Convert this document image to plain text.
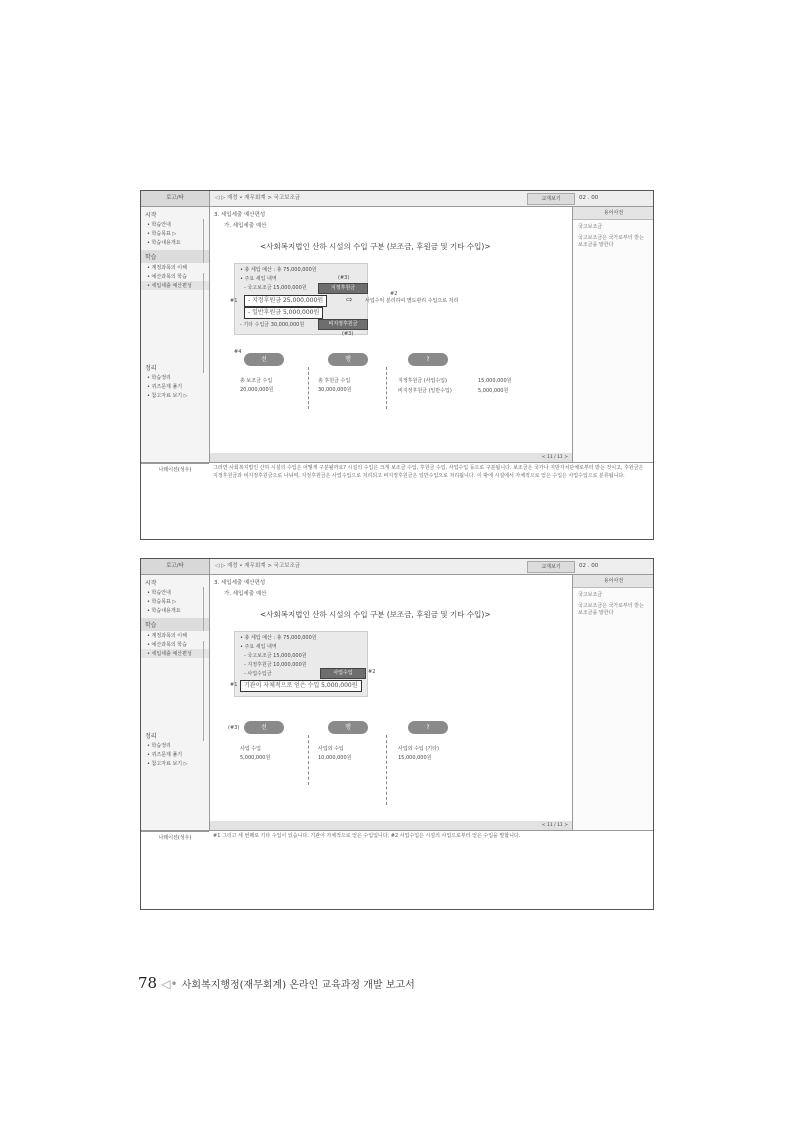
로고/타	◁ ▷ 재정 • 재무회계 > 국고보조금	교재보기	02 . 00
시작
• 학습안내
• 학습목표 ▷
• 학습내용개요
학습
• 계정과목의 이해
• 예산과목의 학습
• 세입세출 예산편성
정리
• 학습정리
• 퀴즈문제 풀기
• 참고자료 보기 ▷
3. 세입세출 예산편성
가. 세입세출 예산
<사회복지법인 산하 시설의 수입 구분 (보조금, 후원금 및 기타 수입)>
• 총 세입 예산 : 총 75,000,000원
• 주요 세입 내역
- 국고보조금 15,000,000원
(#3)
지정후원금
- 지정후원금 25,000,000원
- 일반후원금 5,000,000원
비지정후원금
- 기타 수입금 30,000,000원
(#3)
#1
#2
⇨ 사업수익 분리하여 별도관리 수입으로 처리
#4
선	행	?
총 보조금 수입
20,000,000원
총 후원금 수입
30,000,000원
지정후원금 (사업수입)	15,000,000원
비지정후원금 (일반수입)	5,000,000원
< 11 / 11 >
용어사전
국고보조금
국고보조금은 국가로부터 받는 보조금을 말한다
나레이션(성우)	그러면 사회복지법인 산하 시설의 수입은 어떻게 구분될까요? 시설의 수입은 크게 보조금 수입, 후원금 수입, 사업수입 등으로 구분됩니다. 보조금은 국가나 지방자치단체로부터 받는 것이고, 후원금은 지정후원금과 비지정후원금으로 나뉘며, 지정후원금은 사업수입으로 처리되고 비지정후원금은 일반수입으로 처리됩니다. 이 밖에 시설에서 자체적으로 얻은 수입은 사업수입으로 분류됩니다.
로고/타	◁ ▷ 재정 • 재무회계 > 국고보조금	교재보기	02 . 00
시작
• 학습안내
• 학습목표 ▷
• 학습내용개요
학습
• 계정과목의 이해
• 예산과목의 학습
• 세입세출 예산편성
정리
• 학습정리
• 퀴즈문제 풀기
• 참고자료 보기 ▷
3. 세입세출 예산편성
가. 세입세출 예산
<사회복지법인 산하 시설의 수입 구분 (보조금, 후원금 및 기타 수입)>
• 총 세입 예산 : 총 75,000,000원
• 주요 세입 내역
- 국고보조금 15,000,000원
- 지정후원금 10,000,000원
- 사업수입금	사업수입	#2
#1	기관이 자체적으로 얻은 수입 5,000,000원
(#3)	선	행	?
사업 수입
5,000,000원
사업외 수입
10,000,000원
사업외 수입 (기타)
15,000,000원
< 11 / 11 >
용어사전
국고보조금
국고보조금은 국가로부터 받는 보조금을 말한다
나레이션(성우)	#1 그리고 세 번째로 기타 수입이 있습니다. 기관이 자체적으로 얻은 수입입니다. #2 사업수입은 시설의 사업으로부터 얻은 수입을 말합니다.
78 ◁• 사회복지행정(재무회계) 온라인 교육과정 개발 보고서
